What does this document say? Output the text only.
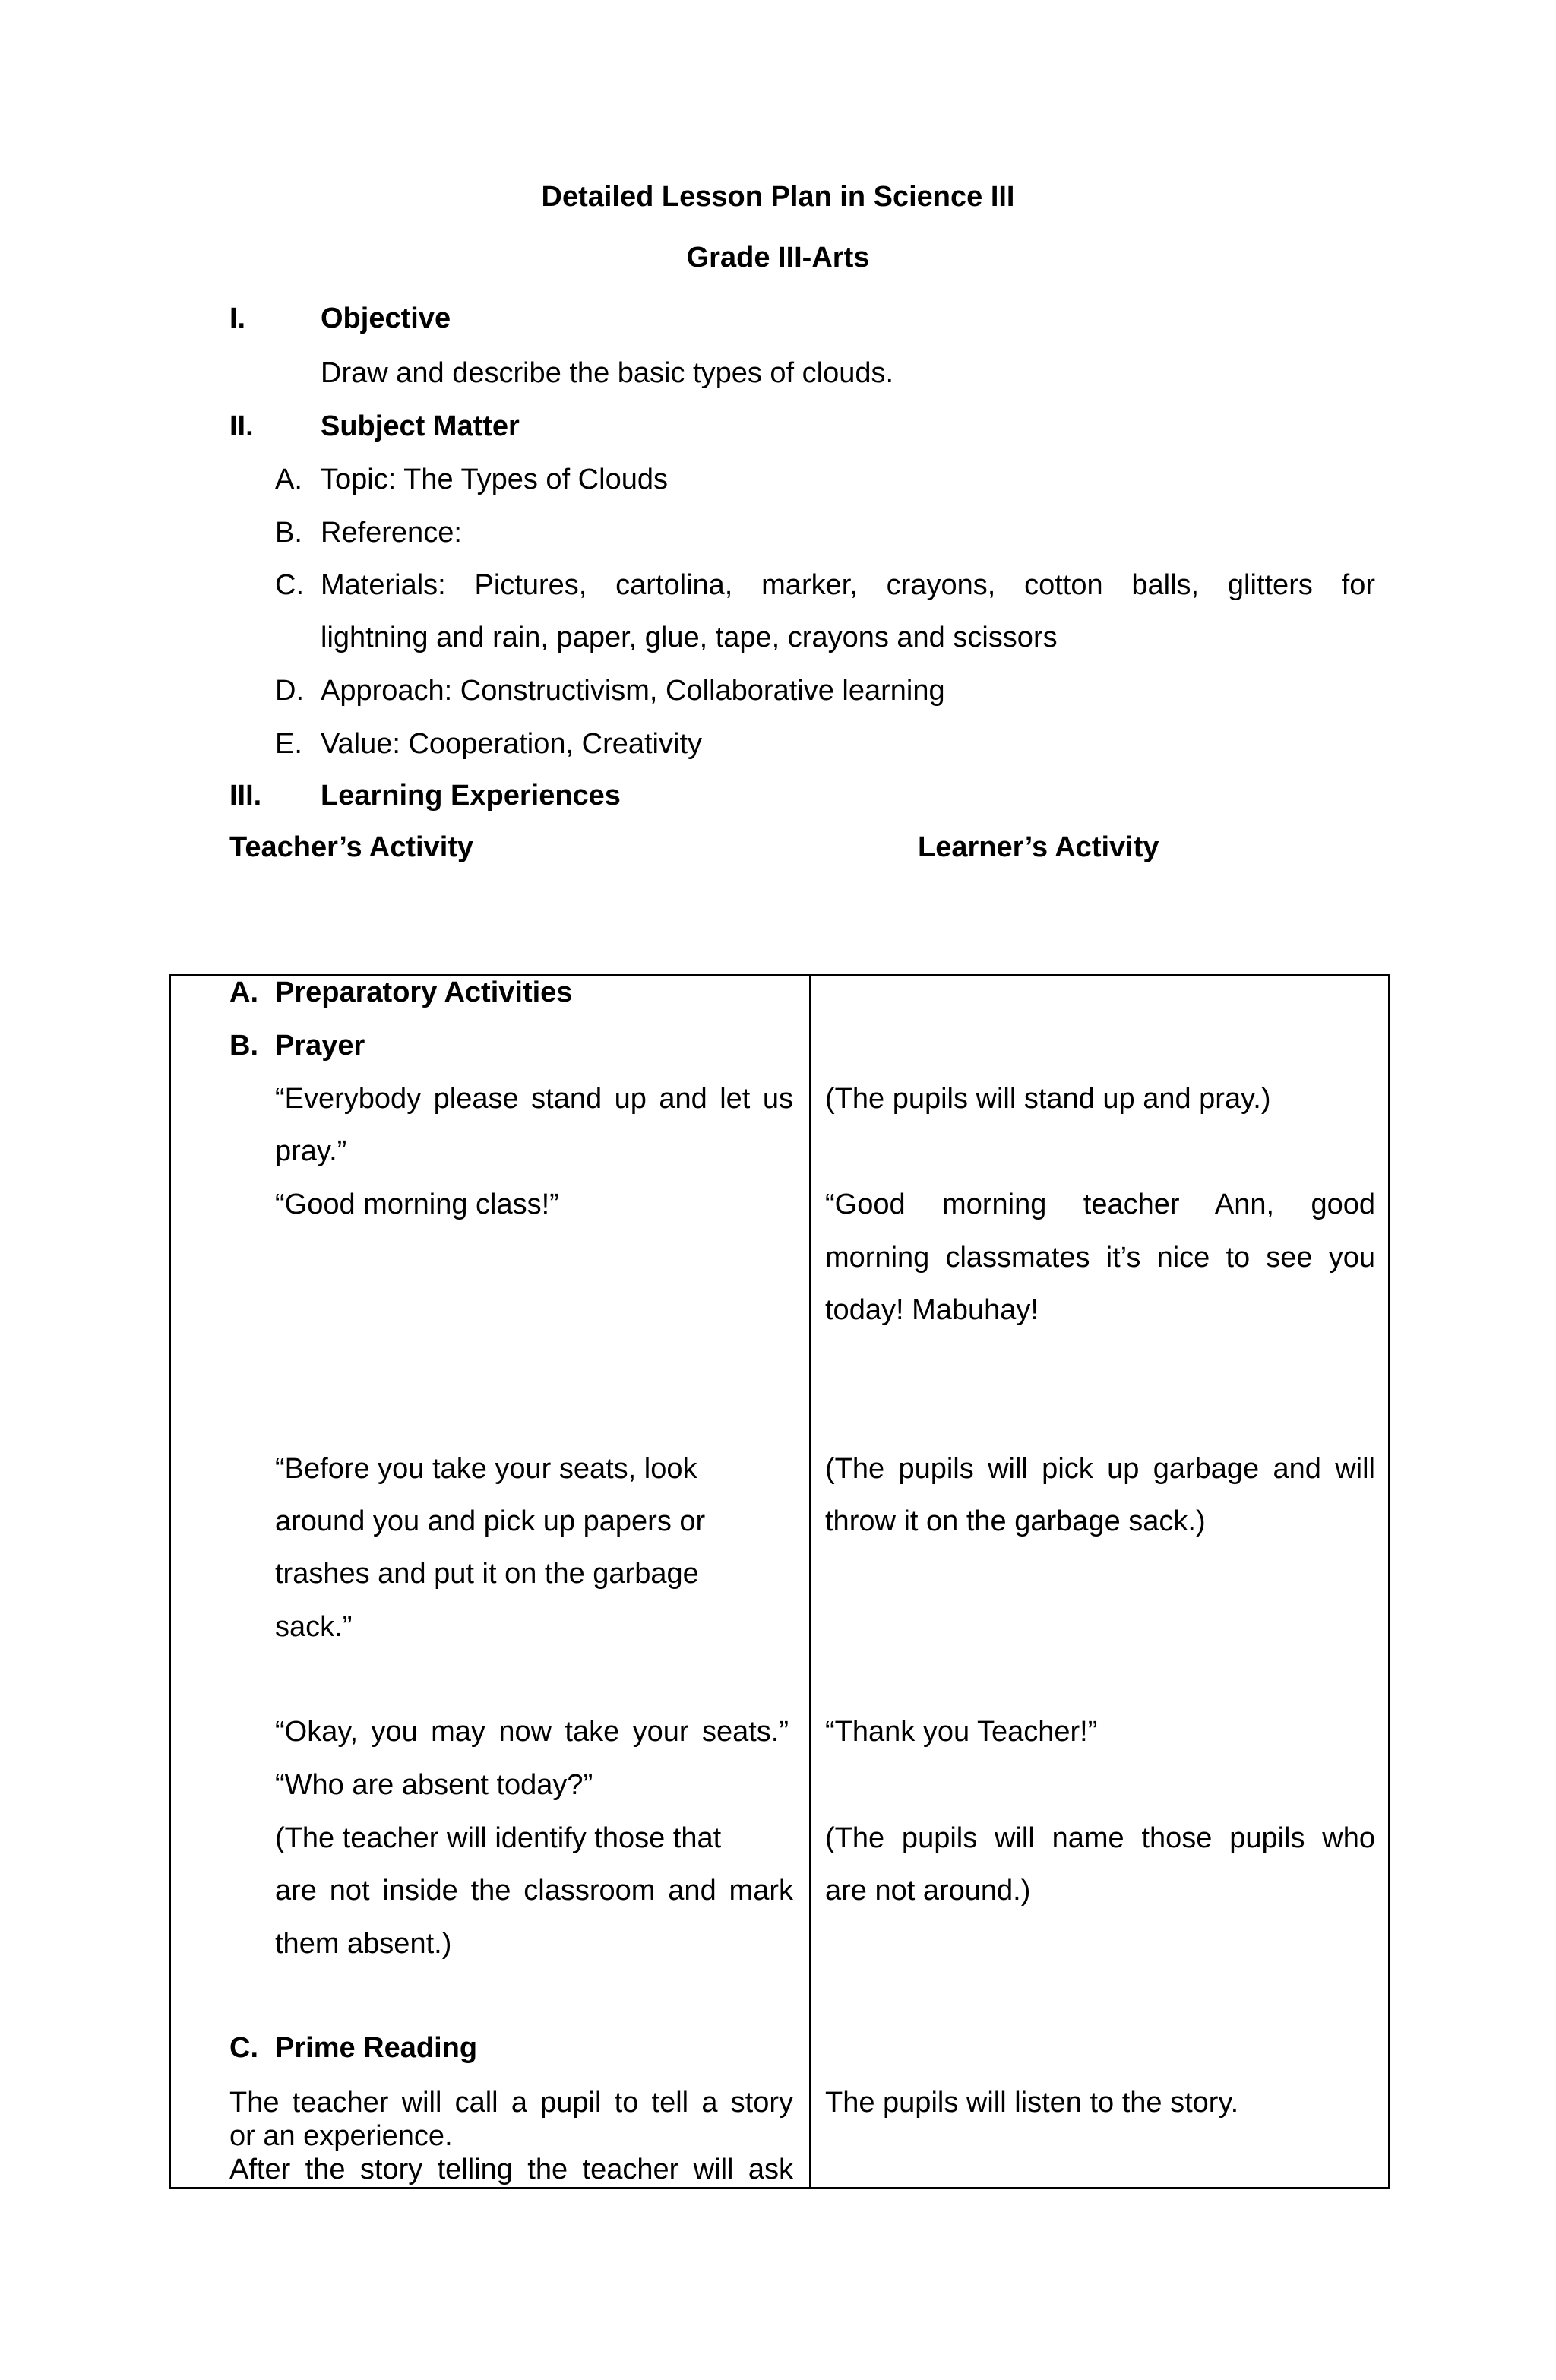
Detailed Lesson Plan in Science III
Grade III-Arts
I.	Objective
Draw and describe the basic types of clouds.
II. Subject Matter
A. Topic: The Types of Clouds
B. Reference:
C. Materials: Pictures, cartolina, marker, crayons, cotton balls, glitters for
lightning and rain, paper, glue, tape, crayons and scissors
D. Approach: Constructivism, Collaborative learning
E. Value: Cooperation, Creativity
III. Learning Experiences
Teacher’s Activity	Learner’s Activity
A. Preparatory Activities
B. Prayer
“Everybody please stand up and let us
pray.”
“Good morning class!”
“Before you take your seats, look
around you and pick up papers or
trashes and put it on the garbage
sack.”
“Okay, you may now take your seats.”
“Who are absent today?”
(The teacher will identify those that
are not inside the classroom and mark
them absent.)
C. Prime Reading
The teacher will call a pupil to tell a story
or an experience.
After the story telling the teacher will ask
(The pupils will stand up and pray.)
“Good morning teacher Ann, good
morning classmates it’s nice to see you
today! Mabuhay!
(The pupils will pick up garbage and will
throw it on the garbage sack.)
“Thank you Teacher!”
(The pupils will name those pupils who
are not around.)
The pupils will listen to the story.
